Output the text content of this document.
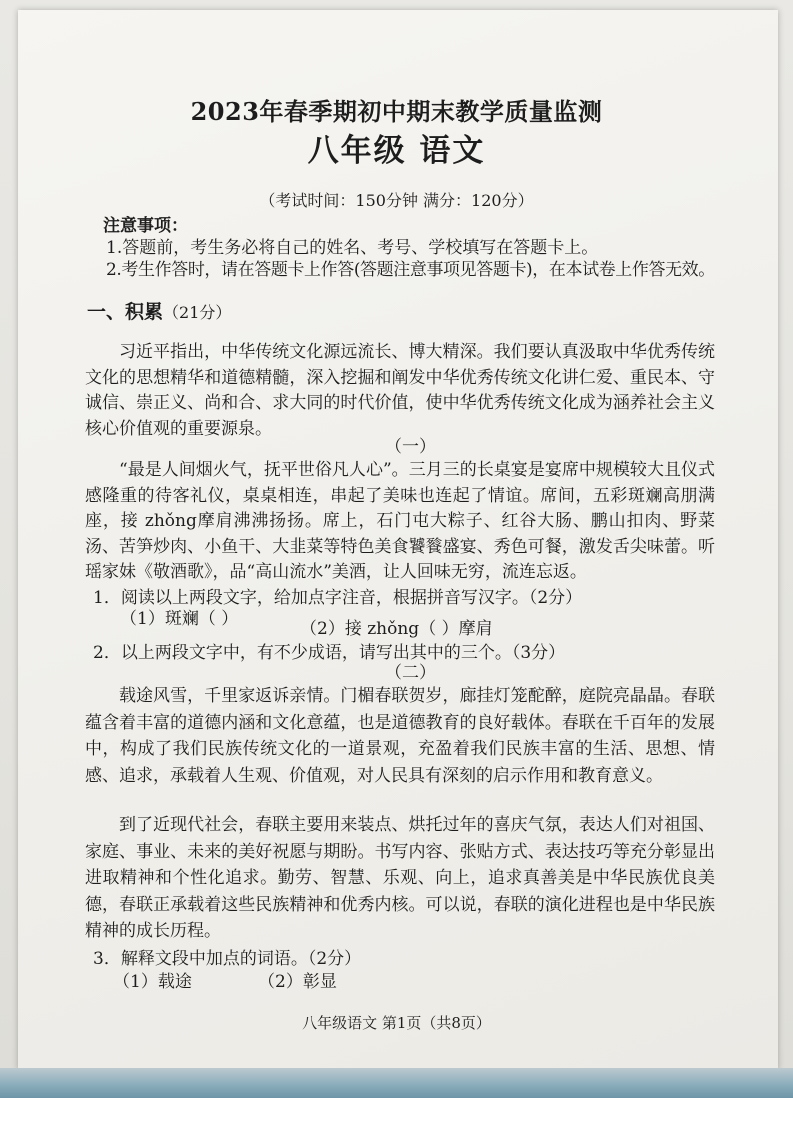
2023年春季期初中期末教学质量监测
八年级 语文
（考试时间：150分钟 满分：120分）
注意事项：
1.答题前，考生务必将自己的姓名、考号、学校填写在答题卡上。
2.考生作答时，请在答题卡上作答(答题注意事项见答题卡)，在本试卷上作答无效。
一、积累（21分）
习近平指出，中华传统文化源远流长、博大精深。我们要认真汲取中华优秀传统文化的思想精华和道德精髓，深入挖掘和阐发中华优秀传统文化讲仁爱、重民本、守诚信、崇正义、尚和合、求大同的时代价值，使中华优秀传统文化成为涵养社会主义核心价值观的重要源泉。
（一）
“最是人间烟火气，抚平世俗凡人心”。三月三的长桌宴是宴席中规模较大且仪式感隆重的待客礼仪，桌桌相连，串起了美味也连起了情谊。席间，五彩斑斓高朋满座，接 zhǒng摩肩沸沸扬扬。席上，石门屯大粽子、红谷大肠、鹏山扣肉、野菜汤、苦笋炒肉、小鱼干、大韭菜等特色美食饕餮盛宴、秀色可餐，激发舌尖味蕾。听瑶家妹《敬酒歌》，品“高山流水”美酒，让人回味无穷，流连忘返。
1．阅读以上两段文字，给加点字注音，根据拼音写汉字。（2分）
（1）斑斓（ ）	（2）接 zhǒng（ ）摩肩
2．以上两段文字中，有不少成语，请写出其中的三个。（3分）
（二）
载途风雪，千里家返诉亲情。门楣春联贺岁，廊挂灯笼酡醉，庭院亮晶晶。春联蕴含着丰富的道德内涵和文化意蕴，也是道德教育的良好载体。春联在千百年的发展中，构成了我们民族传统文化的一道景观，充盈着我们民族丰富的生活、思想、情感、追求，承载着人生观、价值观，对人民具有深刻的启示作用和教育意义。
到了近现代社会，春联主要用来装点、烘托过年的喜庆气氛，表达人们对祖国、家庭、事业、未来的美好祝愿与期盼。书写内容、张贴方式、表达技巧等充分彰显出进取精神和个性化追求。勤劳、智慧、乐观、向上，追求真善美是中华民族优良美德，春联正承载着这些民族精神和优秀内核。可以说，春联的演化进程也是中华民族精神的成长历程。
3．解释文段中加点的词语。（2分）
（1）载途	（2）彰显
八年级语文 第1页（共8页）
